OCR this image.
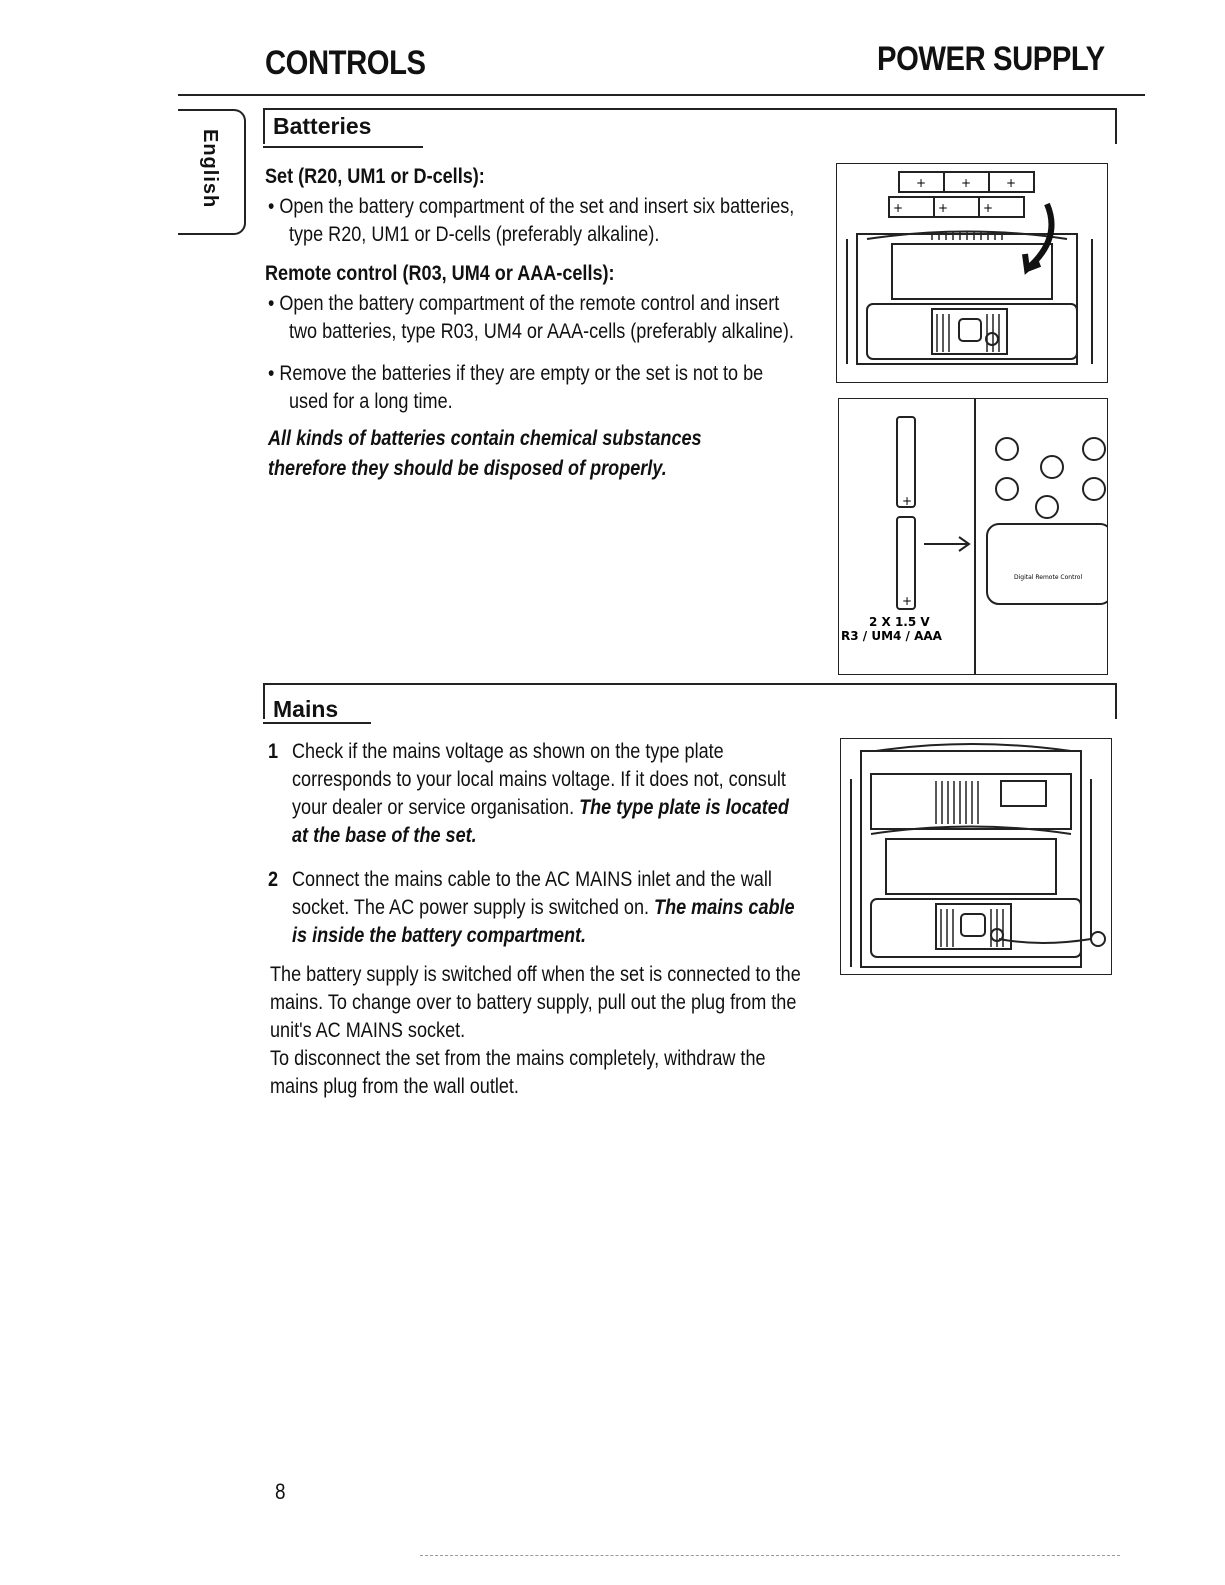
CONTROLS	POWER SUPPLY
English
Batteries
Set (R20, UM1 or D-cells):
• Open the battery compartment of the set and insert six batteries,
type R20, UM1 or D-cells (preferably alkaline).
Remote control (R03, UM4 or AAA-cells):
• Open the battery compartment of the remote control and insert
two batteries, type R03, UM4 or AAA-cells (preferably alkaline).
• Remove the batteries if they are empty or the set is not to be
used for a long time.
All kinds of batteries contain chemical substances
therefore they should be disposed of properly.
+	+	+
+	+	+
+
+
2 X 1.5 V
R3 / UM4 / AAA
Digital Remote Control
Mains
1 Check if the mains voltage as shown on the type plate
corresponds to your local mains voltage. If it does not, consult
your dealer or service organisation. The type plate is located
at the base of the set.
2 Connect the mains cable to the AC MAINS inlet and the wall
socket. The AC power supply is switched on. The mains cable
is inside the battery compartment.
The battery supply is switched off when the set is connected to the
mains. To change over to battery supply, pull out the plug from the
unit's AC MAINS socket.
To disconnect the set from the mains completely, withdraw the
mains plug from the wall outlet.
8
